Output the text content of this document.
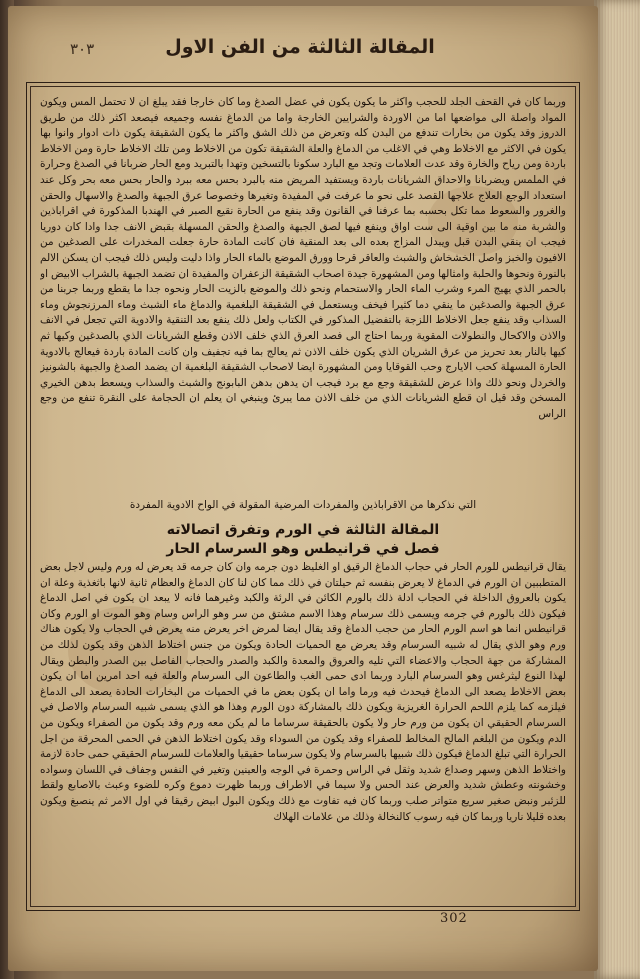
٣٠٣	المقالة الثالثة من الفن الاول
وربما كان في القحف الجلد للحجب واكثر ما يكون يكون في عضل الصدغ وما كان خارجا فقد يبلغ ان لا تحتمل المس ويكون المواد واصلة الى مواضعها اما من الاوردة والشرايين الخارجة واما من الدماغ نفسه وجميعه فيصعد اكثر ذلك من طريق الدروز وقد يكون من بخارات تندفع من البدن كله وتعرض من ذلك الشق واكثر ما يكون الشقيقة يكون ذات ادوار وانوا بها يكون في الاكثر مع الاخلاط وهي في الاغلب من الدماغ والعلة الشقيقة تكون من الاخلاط ومن تلك الاخلاط حارة ومن الاخلاط باردة ومن رياح والخارة وقد عدت العلامات وتجد مع البارد سكونا بالتسخين وتهدا بالتبريد ومع الحار ضربانا في الصدغ وحرارة في الملمس ويضربانا والاحداق الشريانات باردة ويستفيد المريض منه بالبرد بحس معه ببرد والحار بحس معه بحر وكل عند استعداد الوجع العلاج علاجها القصد على نحو ما عرفت في المفيدة وتغيرها وخصوصا عرق الجبهة والصدغ والاسهال والحقن والغرور والسعوط مما تكل بحسبه بما عرفنا في القانون وقد ينفع من الحارة نقيع الصبر في الهندبا المذكورة في اقراباذين والشربة منه ما بين اوقية الى ست اواق وينفع فيها لصق الجبهة والصدغ والحقن المسهلة بقبض الانف جدا وادا كان دوريا فيجب ان ينقي البدن قبل ويبدل المزاج بعده الى بعد المنقية فان كانت المادة حارة جعلت المخدرات على الصدغين من الافيون والخبز واصل الخشخاش والشبث والعاقر قرحا وورق الموضع بالماء الحار واذا دليت وليس ذلك فيجب ان يسكن الالم بالنورة ونحوها والحلبة وامثالها ومن المشهورة جيدة اصحاب الشقيقة الزعفران والمفيدة ان تضمد الجبهة بالشراب الابيض او بالحمر الذي يهيج المرء وشرب الماء الحار والاستحمام ونحو ذلك والموضع بالزيت الحار ونحوه جدا ما يقطع وربما جربنا من عرق الجبهة والصدغين ما ينقي دما كثيرا فيخف ويستعمل في الشقيقة البلغمية والدماغ ماء الشبث وماء المرزنجوش وماء السذاب وقد ينفع جعل الاخلاط اللزجة بالتفضيل المذكور في الكتاب ولعل ذلك ينفع بعد التنقية والادوية التي تجعل في الانف والاذن والاكحال والنطولات المقوية وربما احتاج الى فصد العرق الذي خلف الاذن وقطع الشريانات الذي بالصدغين وكيها ثم كيها بالنار بعد تحريز من عرق الشريان الذي يكون خلف الاذن ثم يعالج بما فيه تجفيف وان كانت المادة باردة فيعالج بالادوية الحارة المسهلة كحب الايارج وحب القوقايا ومن المشهورة ايضا لاصحاب الشقيقة البلغمية ان يضمد الصدغ والجبهة بالشونيز والخردل ونحو ذلك واذا عرض للشقيقة وجع مع برد فيجب ان يدهن بدهن البابونج والشبث والسذاب ويسعط بدهن الخيري المسخن وقد قيل ان قطع الشريانات الذي من خلف الاذن مما يبرئ وينبغي ان يعلم ان الحجامة على النقرة تنفع من وجع الراس
التي نذكرها من الاقراباذين والمفردات المرضية المقولة في الواح الادوية المفردة
المقالة الثالثة في الورم وتفرق اتصالاته
فصل في قرانيطس وهو السرسام الحار
يقال قرانيطس للورم الحار في حجاب الدماغ الرقيق او الغليظ دون جرمه وان كان جرمه قد يعرض له ورم وليس لاجل بعض المتطببين ان الورم في الدماغ لا يعرض بنفسه ثم حيلتان في ذلك مما كان لنا كان الدماغ والعظام ثانية لانها باثغذية وعلة ان يكون بالعروق الداخلة في الحجاب ادلة ذلك بالورم الكائن في الرئة والكبد وغيرهما فانه لا يبعد ان يكون في اصل الدماغ فيكون ذلك بالورم في جرمه ويسمى ذلك سرسام وهذا الاسم مشتق من سر وهو الراس وسام وهو الموت او الورم وكان قرانيطس انما هو اسم الورم الحار من حجب الدماغ وقد يقال ايضا لمرض اخر يعرض منه يعرض في الحجاب ولا يكون هناك ورم وهو الذي يقال له شبيه السرسام وقد يعرض مع الحميات الحادة ويكون من جنس اختلاط الذهن وقد يكون لذلك من المشاركة من جهة الحجاب والاعضاء التي تليه والعروق والمعدة والكبد والصدر والحجاب الفاصل بين الصدر والبطن ويقال لهذا النوع ليثرغس وهو السرسام البارد وربما ادى حمى الغب والطاعون الى السرسام والعلة فيه احد امرين اما ان يكون بعض الاخلاط يصعد الى الدماغ فيحدث فيه ورما واما ان يكون بعض ما في الحميات من البخارات الحادة يصعد الى الدماغ فيلزمه كما يلزم اللحم الحرارة الغريزية ويكون ذلك بالمشاركة دون الورم وهذا هو الذي يسمى شبيه السرسام والاصل في السرسام الحقيقي ان يكون من ورم حار ولا يكون بالحقيقة سرساما ما لم يكن معه ورم وقد يكون من الصفراء ويكون من الدم ويكون من البلغم المالح المخالط للصفراء وقد يكون من السوداء وقد يكون اختلاط الذهن في الحمى المحرقة من اجل الحرارة التي تبلغ الدماغ فيكون ذلك شبيها بالسرسام ولا يكون سرساما حقيقيا والعلامات للسرسام الحقيقي حمى حادة لازمة واختلاط الذهن وسهر وصداع شديد وثقل في الراس وحمرة في الوجه والعينين وتغير في النفس وجفاف في اللسان وسواده وخشونته وعطش شديد والعرض عند الحس ولا سيما في الاطراف وربما ظهرت دموع وكره للضوء وعبث بالاصابع ولقط للزئبر ونبض صغير سريع متواتر صلب وربما كان فيه تفاوت مع ذلك ويكون البول ابيض رقيقا في اول الامر ثم ينصبغ ويكون بعده قليلا ناريا وربما كان فيه رسوب كالنخالة وذلك من علامات الهلاك
302
